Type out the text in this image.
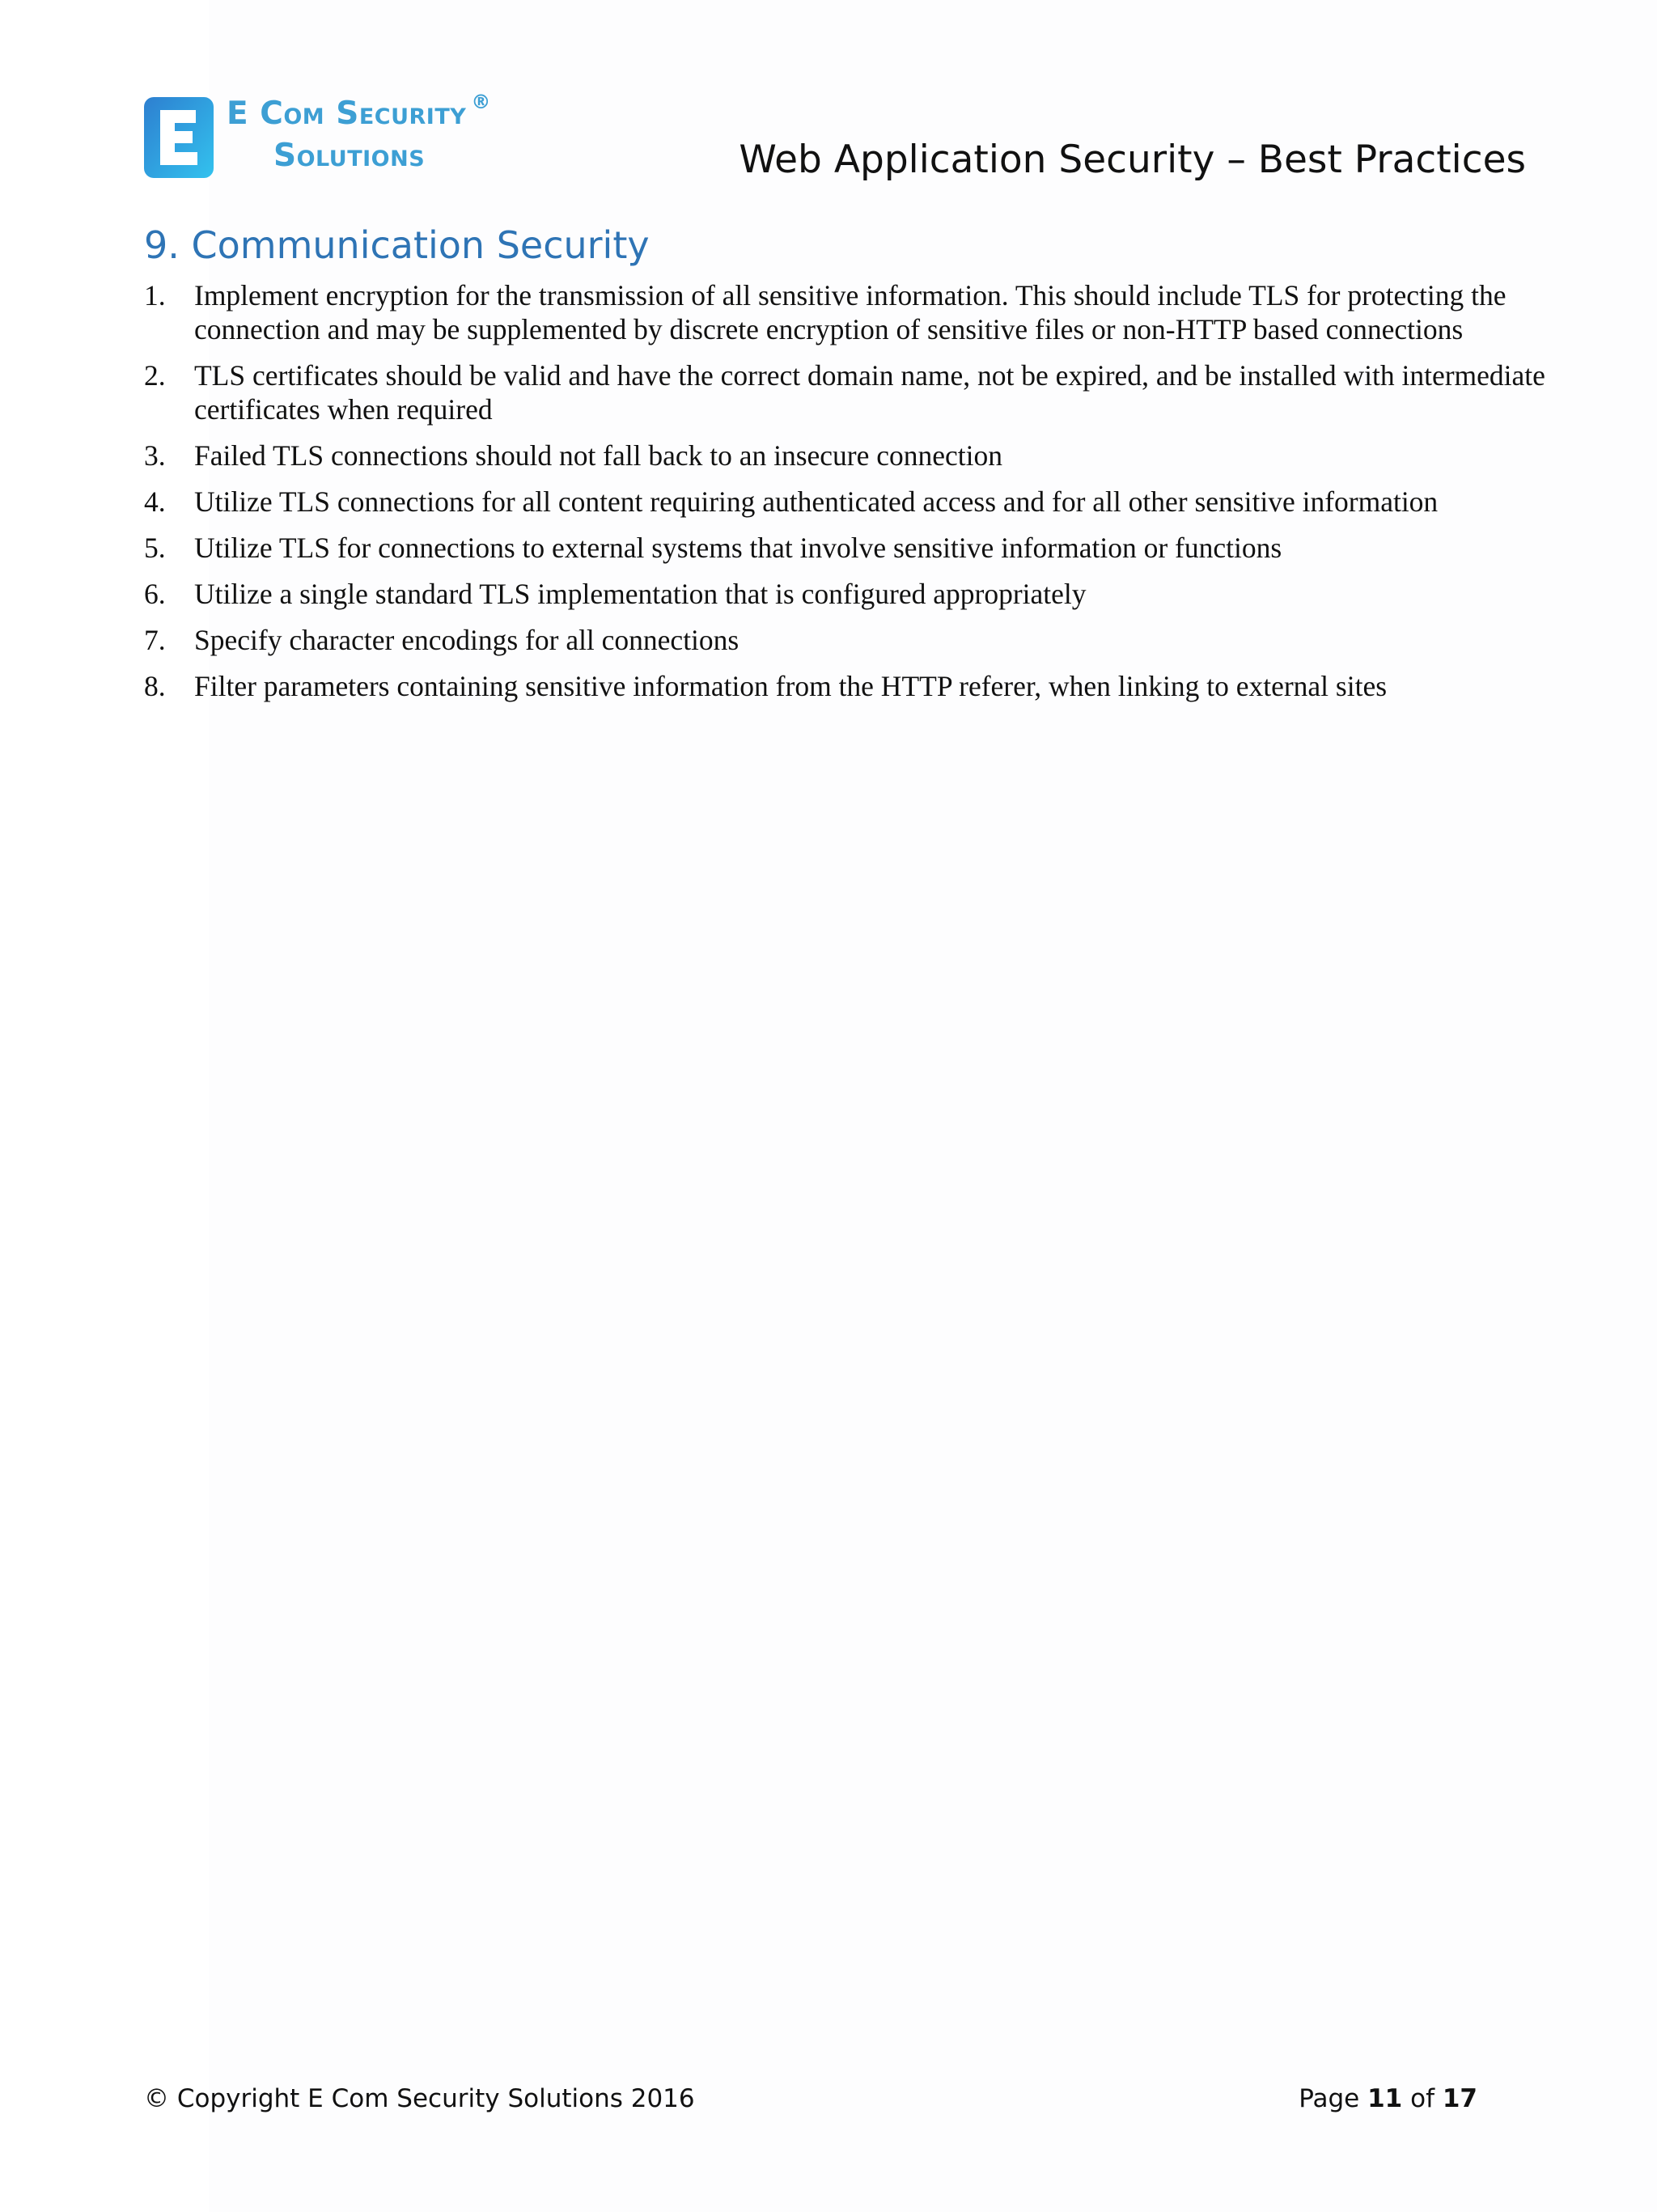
E Com Security ®
Solutions	Web Application Security – Best Practices
9. Communication Security
1. Implement encryption for the transmission of all sensitive information. This should include TLS for protecting the connection and may be supplemented by discrete encryption of sensitive files or non-HTTP based connections
2. TLS certificates should be valid and have the correct domain name, not be expired, and be installed with intermediate certificates when required
3. Failed TLS connections should not fall back to an insecure connection
4. Utilize TLS connections for all content requiring authenticated access and for all other sensitive information
5. Utilize TLS for connections to external systems that involve sensitive information or functions
6. Utilize a single standard TLS implementation that is configured appropriately
7. Specify character encodings for all connections
8. Filter parameters containing sensitive information from the HTTP referer, when linking to external sites
© Copyright E Com Security Solutions 2016	Page 11 of 17
